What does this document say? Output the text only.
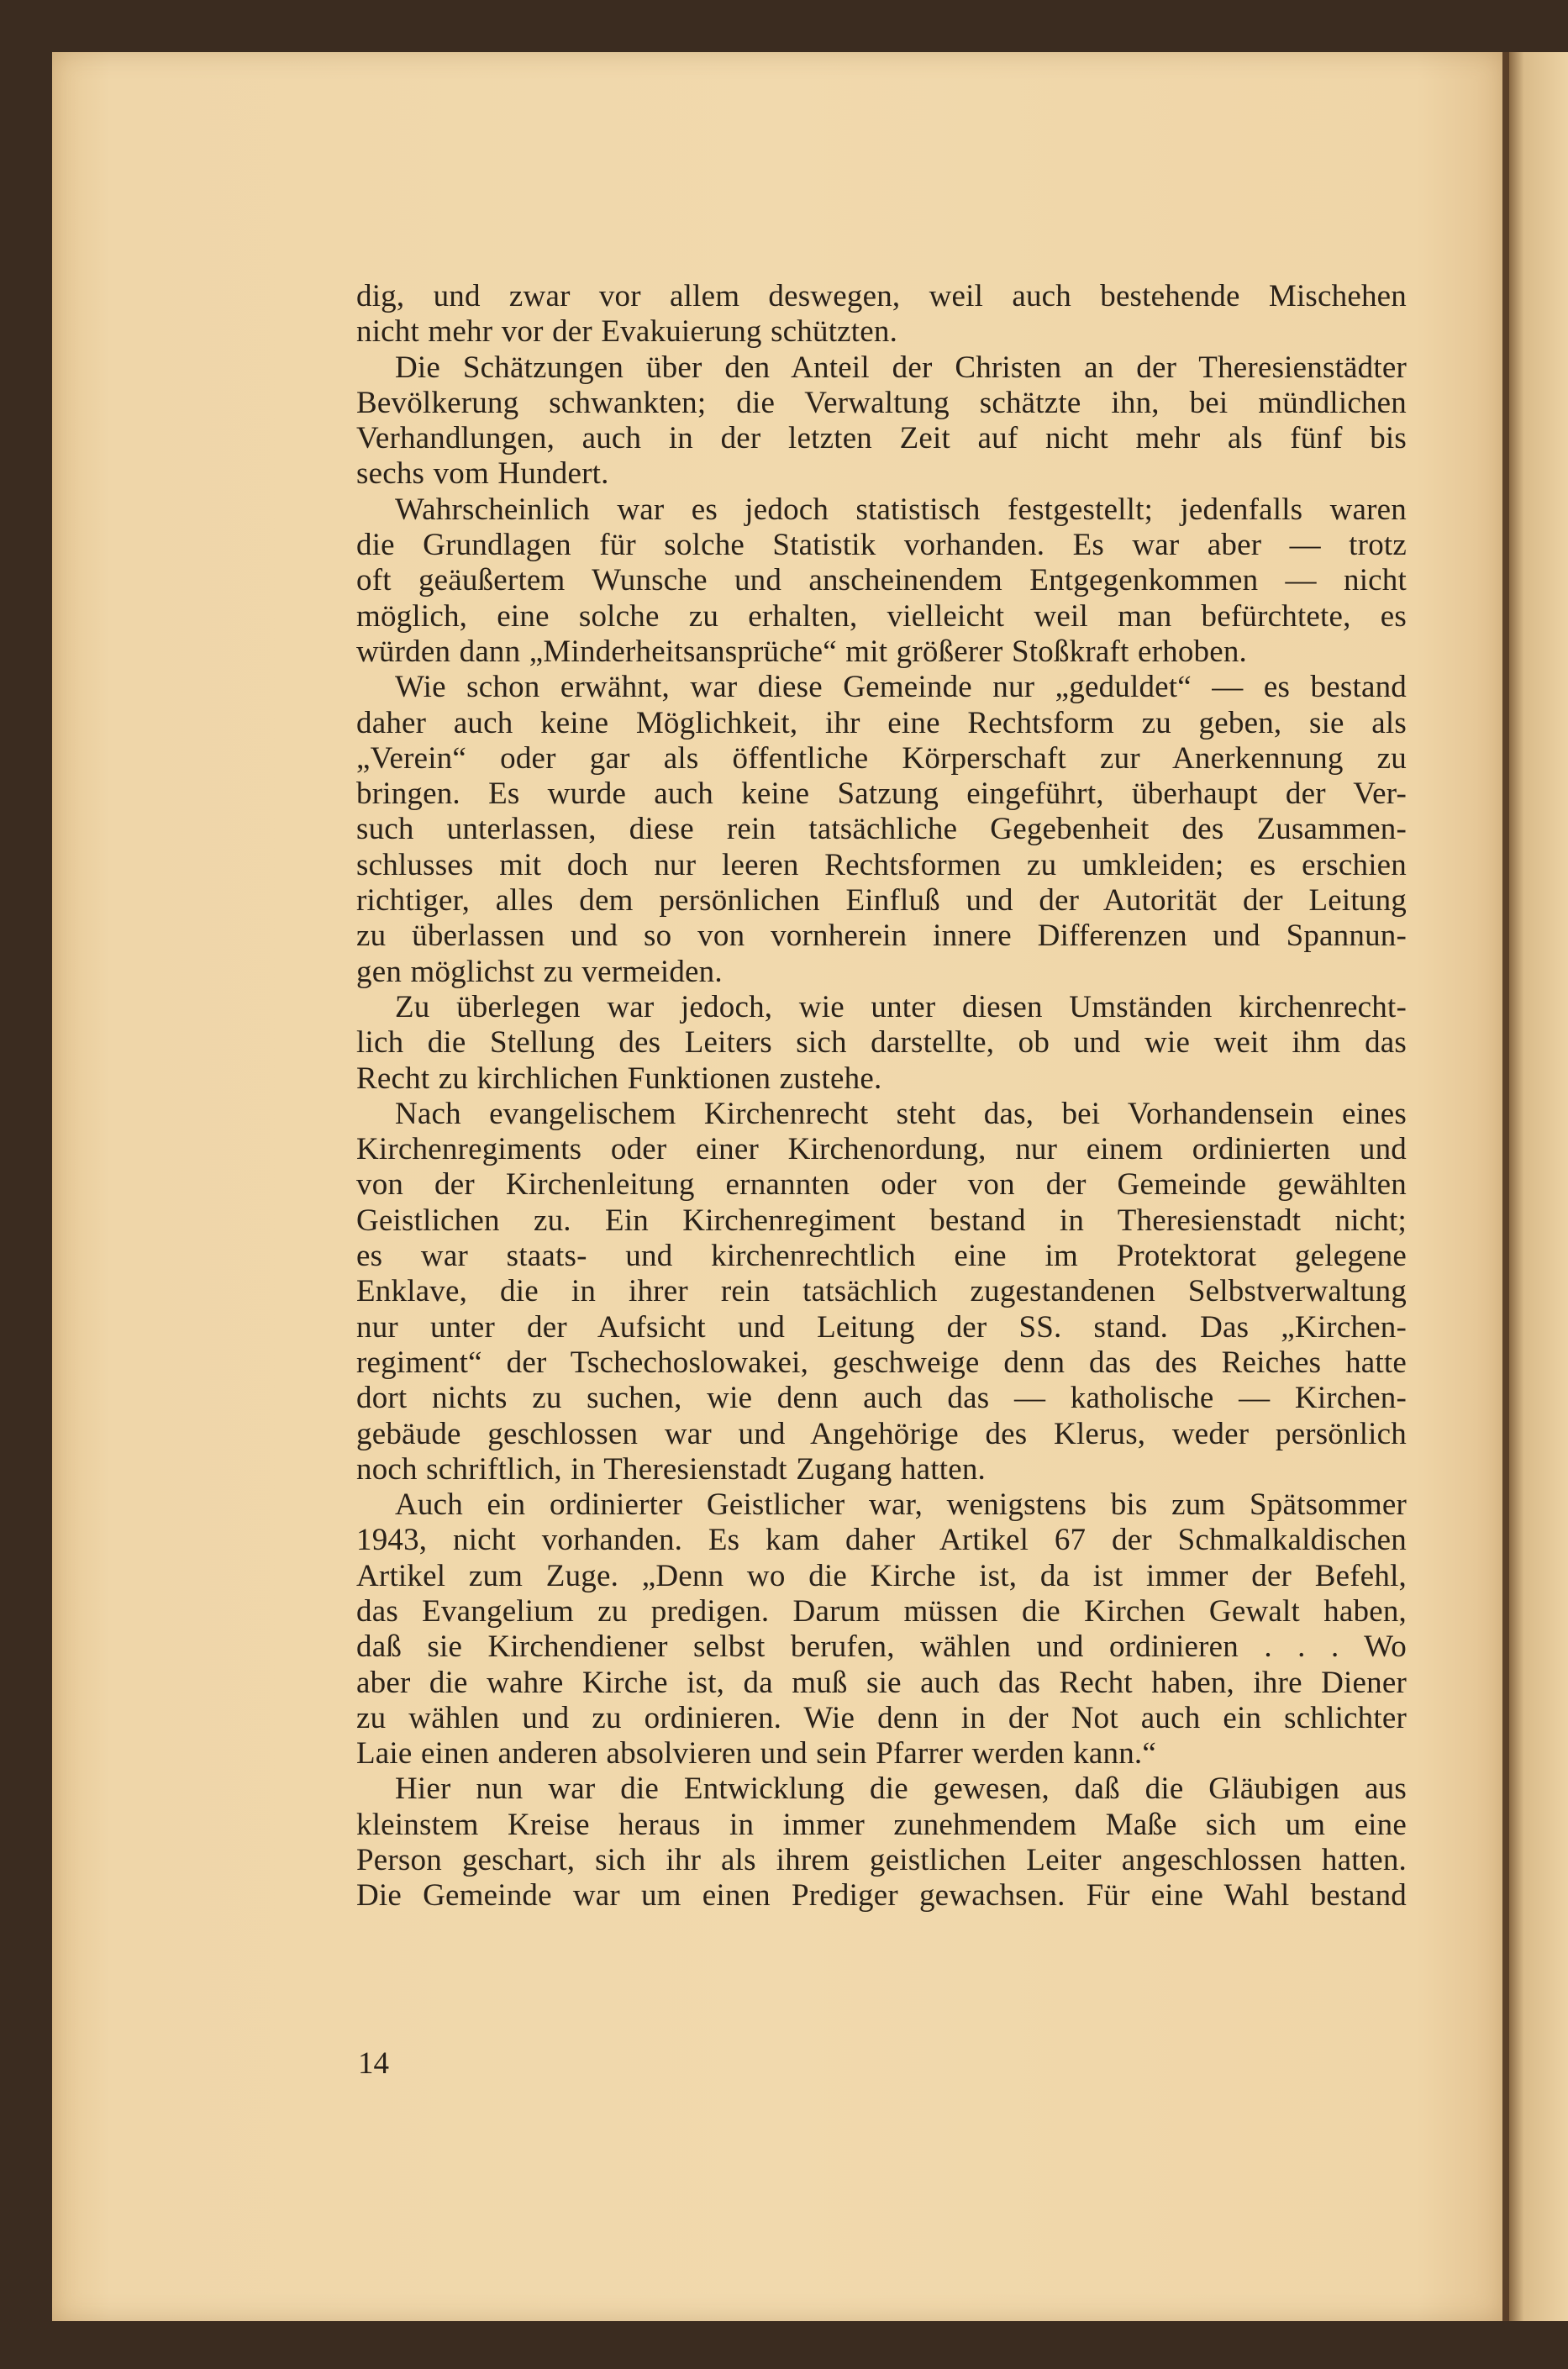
dig, und zwar vor allem deswegen, weil auch bestehende Mischehen
nicht mehr vor der Evakuierung schützten.
Die Schätzungen über den Anteil der Christen an der Theresienstädter
Bevölkerung schwankten; die Verwaltung schätzte ihn, bei mündlichen
Verhandlungen, auch in der letzten Zeit auf nicht mehr als fünf bis
sechs vom Hundert.
Wahrscheinlich war es jedoch statistisch festgestellt; jedenfalls waren
die Grundlagen für solche Statistik vorhanden. Es war aber — trotz
oft geäußertem Wunsche und anscheinendem Entgegenkommen — nicht
möglich, eine solche zu erhalten, vielleicht weil man befürchtete, es
würden dann „Minderheitsansprüche“ mit größerer Stoßkraft erhoben.
Wie schon erwähnt, war diese Gemeinde nur „geduldet“ — es bestand
daher auch keine Möglichkeit, ihr eine Rechtsform zu geben, sie als
„Verein“ oder gar als öffentliche Körperschaft zur Anerkennung zu
bringen. Es wurde auch keine Satzung eingeführt, überhaupt der Ver-
such unterlassen, diese rein tatsächliche Gegebenheit des Zusammen-
schlusses mit doch nur leeren Rechtsformen zu umkleiden; es erschien
richtiger, alles dem persönlichen Einfluß und der Autorität der Leitung
zu überlassen und so von vornherein innere Differenzen und Spannun-
gen möglichst zu vermeiden.
Zu überlegen war jedoch, wie unter diesen Umständen kirchenrecht-
lich die Stellung des Leiters sich darstellte, ob und wie weit ihm das
Recht zu kirchlichen Funktionen zustehe.
Nach evangelischem Kirchenrecht steht das, bei Vorhandensein eines
Kirchenregiments oder einer Kirchenordung, nur einem ordinierten und
von der Kirchenleitung ernannten oder von der Gemeinde gewählten
Geistlichen zu. Ein Kirchenregiment bestand in Theresienstadt nicht;
es war staats- und kirchenrechtlich eine im Protektorat gelegene
Enklave, die in ihrer rein tatsächlich zugestandenen Selbstverwaltung
nur unter der Aufsicht und Leitung der SS. stand. Das „Kirchen-
regiment“ der Tschechoslowakei, geschweige denn das des Reiches hatte
dort nichts zu suchen, wie denn auch das — katholische — Kirchen-
gebäude geschlossen war und Angehörige des Klerus, weder persönlich
noch schriftlich, in Theresienstadt Zugang hatten.
Auch ein ordinierter Geistlicher war, wenigstens bis zum Spätsommer
1943, nicht vorhanden. Es kam daher Artikel 67 der Schmalkaldischen
Artikel zum Zuge. „Denn wo die Kirche ist, da ist immer der Befehl,
das Evangelium zu predigen. Darum müssen die Kirchen Gewalt haben,
daß sie Kirchendiener selbst berufen, wählen und ordinieren . . . Wo
aber die wahre Kirche ist, da muß sie auch das Recht haben, ihre Diener
zu wählen und zu ordinieren. Wie denn in der Not auch ein schlichter
Laie einen anderen absolvieren und sein Pfarrer werden kann.“
Hier nun war die Entwicklung die gewesen, daß die Gläubigen aus
kleinstem Kreise heraus in immer zunehmendem Maße sich um eine
Person geschart, sich ihr als ihrem geistlichen Leiter angeschlossen hatten.
Die Gemeinde war um einen Prediger gewachsen. Für eine Wahl bestand
14
